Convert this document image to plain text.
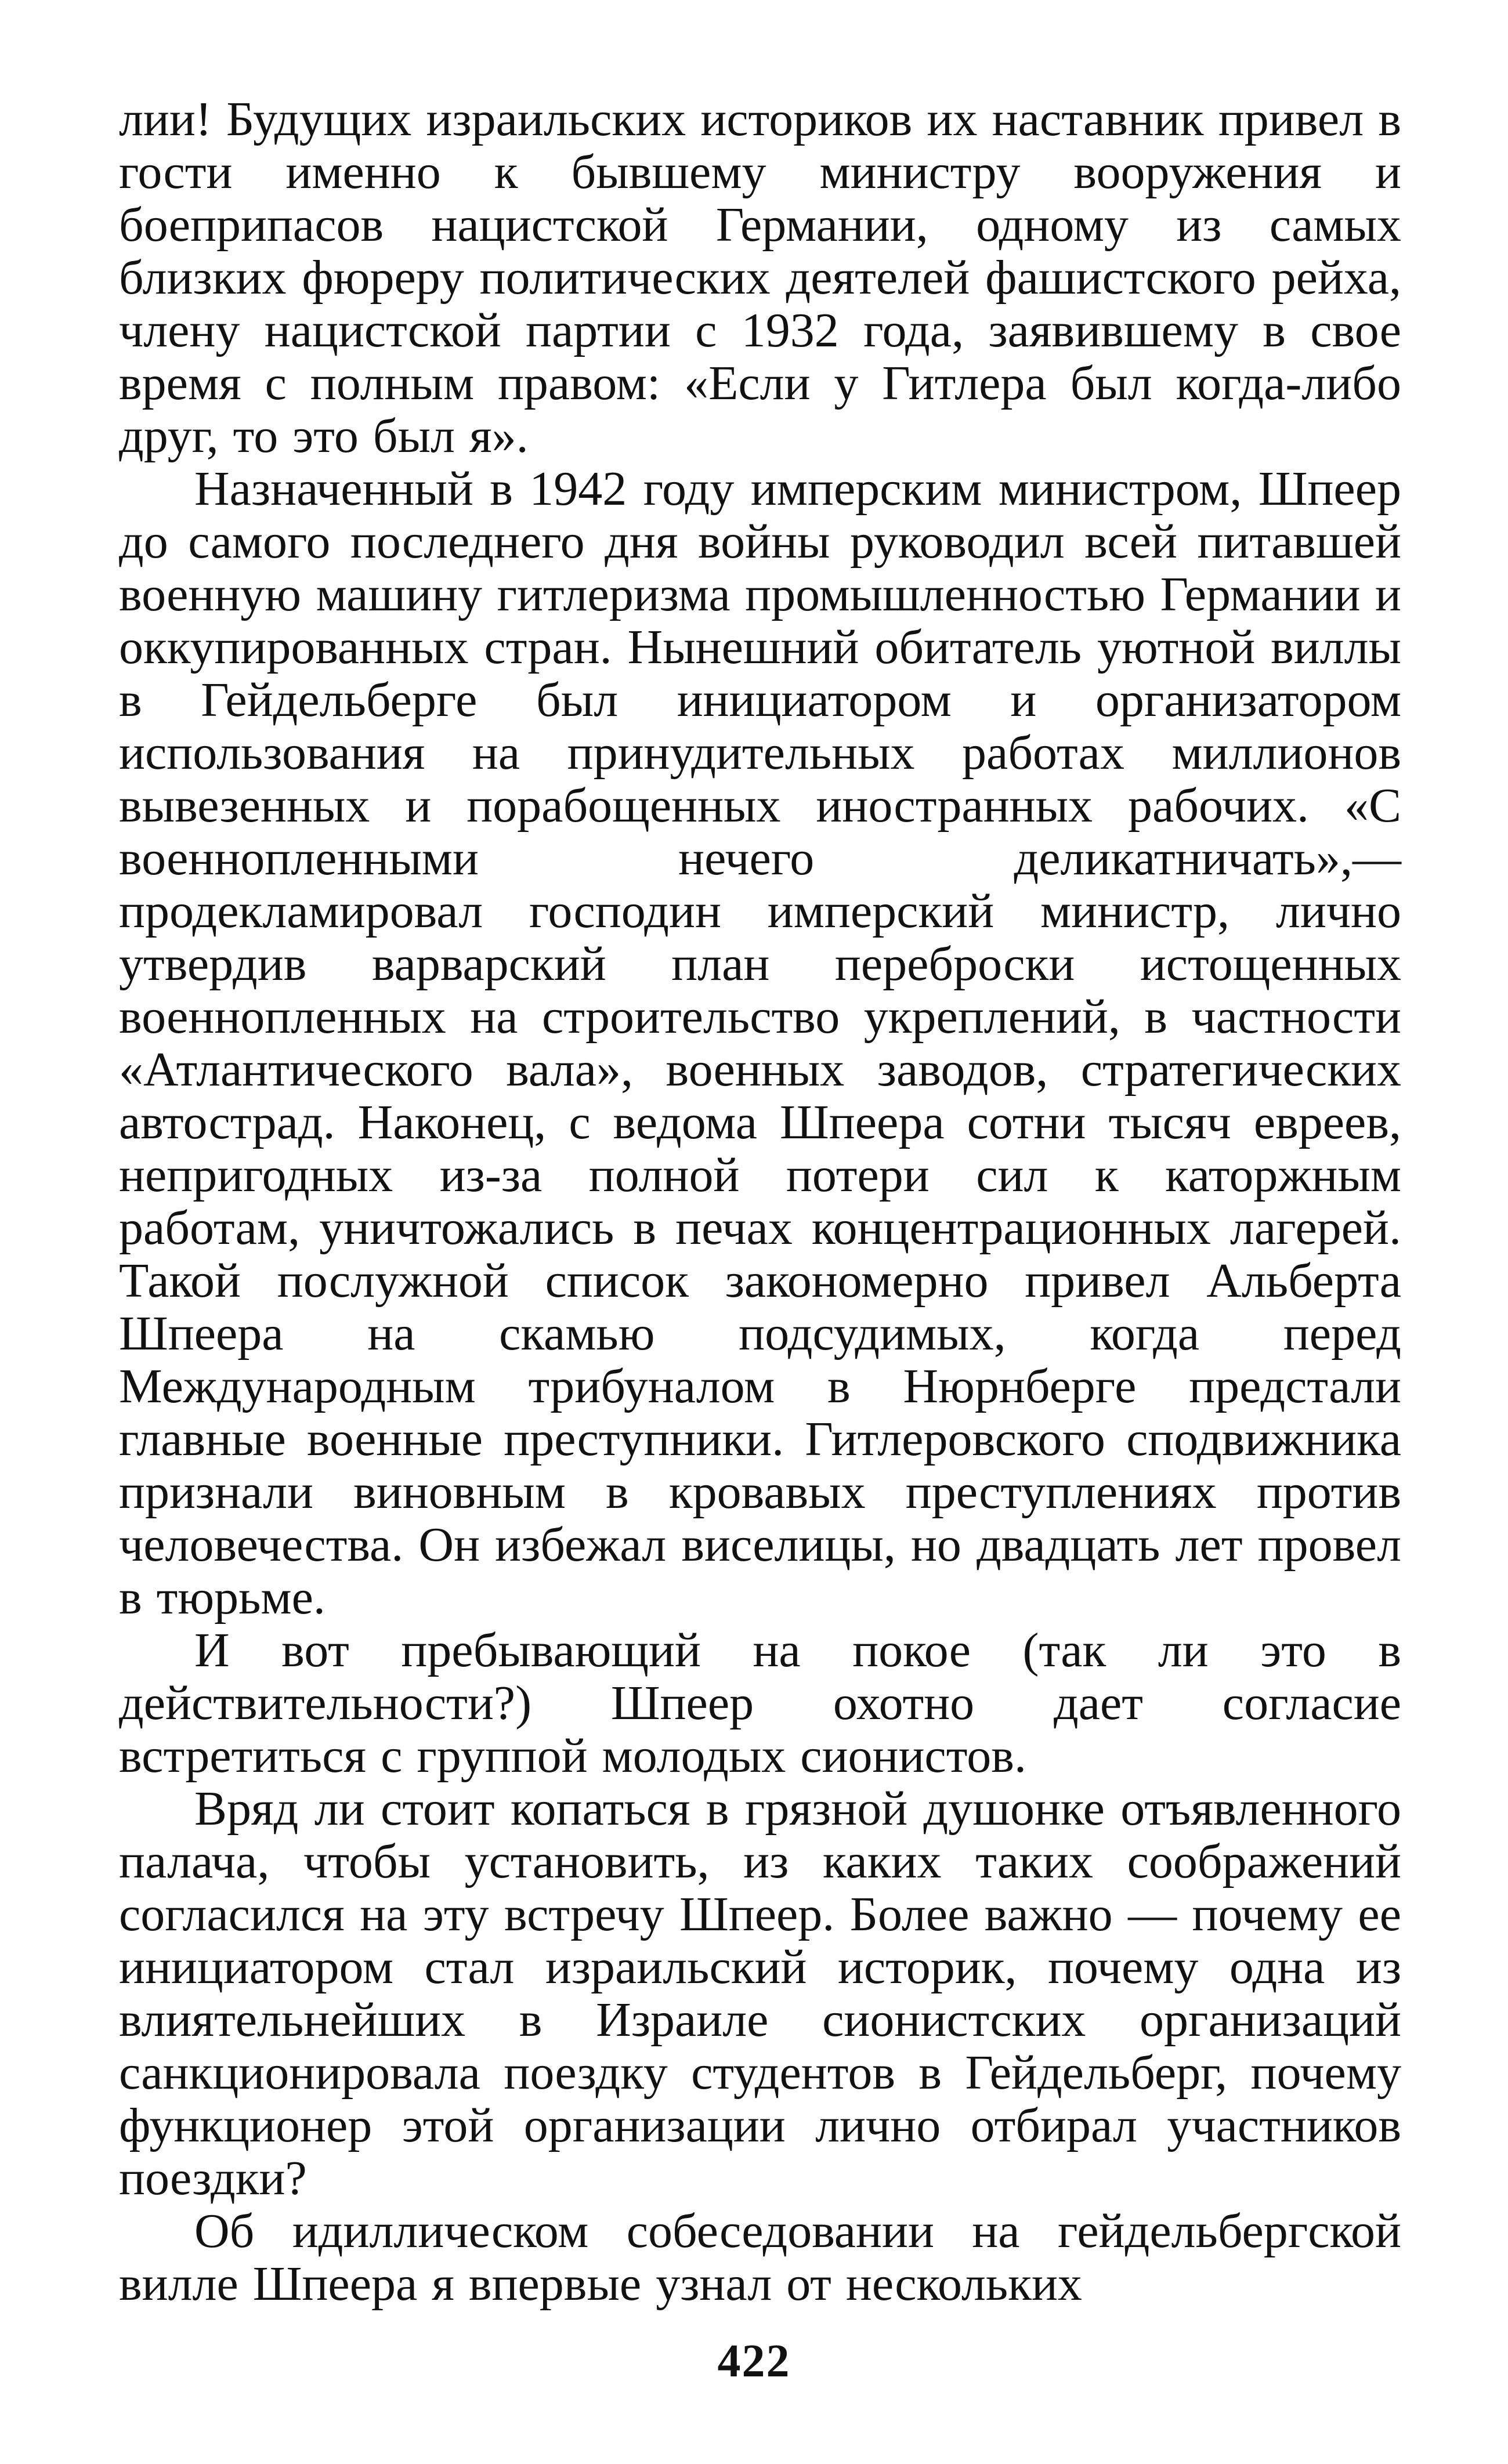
лии! Будущих израильских историков их наставник привел в гости именно к бывшему министру вооружения и боеприпасов нацистской Германии, одному из самых близких фюреру политических деятелей фашистского рейха, члену нацистской партии с 1932 года, заявившему в свое время с полным правом: «Если у Гитлера был когда-либо друг, то это был я».

Назначенный в 1942 году имперским министром, Шпеер до самого последнего дня войны руководил всей питавшей военную машину гитлеризма промышленностью Германии и оккупированных стран. Нынешний обитатель уютной виллы в Гейдельберге был инициатором и организатором использования на принудительных работах миллионов вывезенных и порабощенных иностранных рабочих. «С военнопленными нечего деликатничать»,— продекламировал господин имперский министр, лично утвердив варварский план переброски истощенных военнопленных на строительство укреплений, в частности «Атлантического вала», военных заводов, стратегических автострад. Наконец, с ведома Шпеера сотни тысяч евреев, непригодных из-за полной потери сил к каторжным работам, уничтожались в печах концентрационных лагерей. Такой послужной список закономерно привел Альберта Шпеера на скамью подсудимых, когда перед Международным трибуналом в Нюрнберге предстали главные военные преступники. Гитлеровского сподвижника признали виновным в кровавых преступлениях против человечества. Он избежал виселицы, но двадцать лет провел в тюрьме.

И вот пребывающий на покое (так ли это в действительности?) Шпеер охотно дает согласие встретиться с группой молодых сионистов.

Вряд ли стоит копаться в грязной душонке отъявленного палача, чтобы установить, из каких таких соображений согласился на эту встречу Шпеер. Более важно — почему ее инициатором стал израильский историк, почему одна из влиятельнейших в Израиле сионистских организаций санкционировала поездку студентов в Гейдельберг, почему функционер этой организации лично отбирал участников поездки?

Об идиллическом собеседовании на гейдельбергской вилле Шпеера я впервые узнал от нескольких

422
